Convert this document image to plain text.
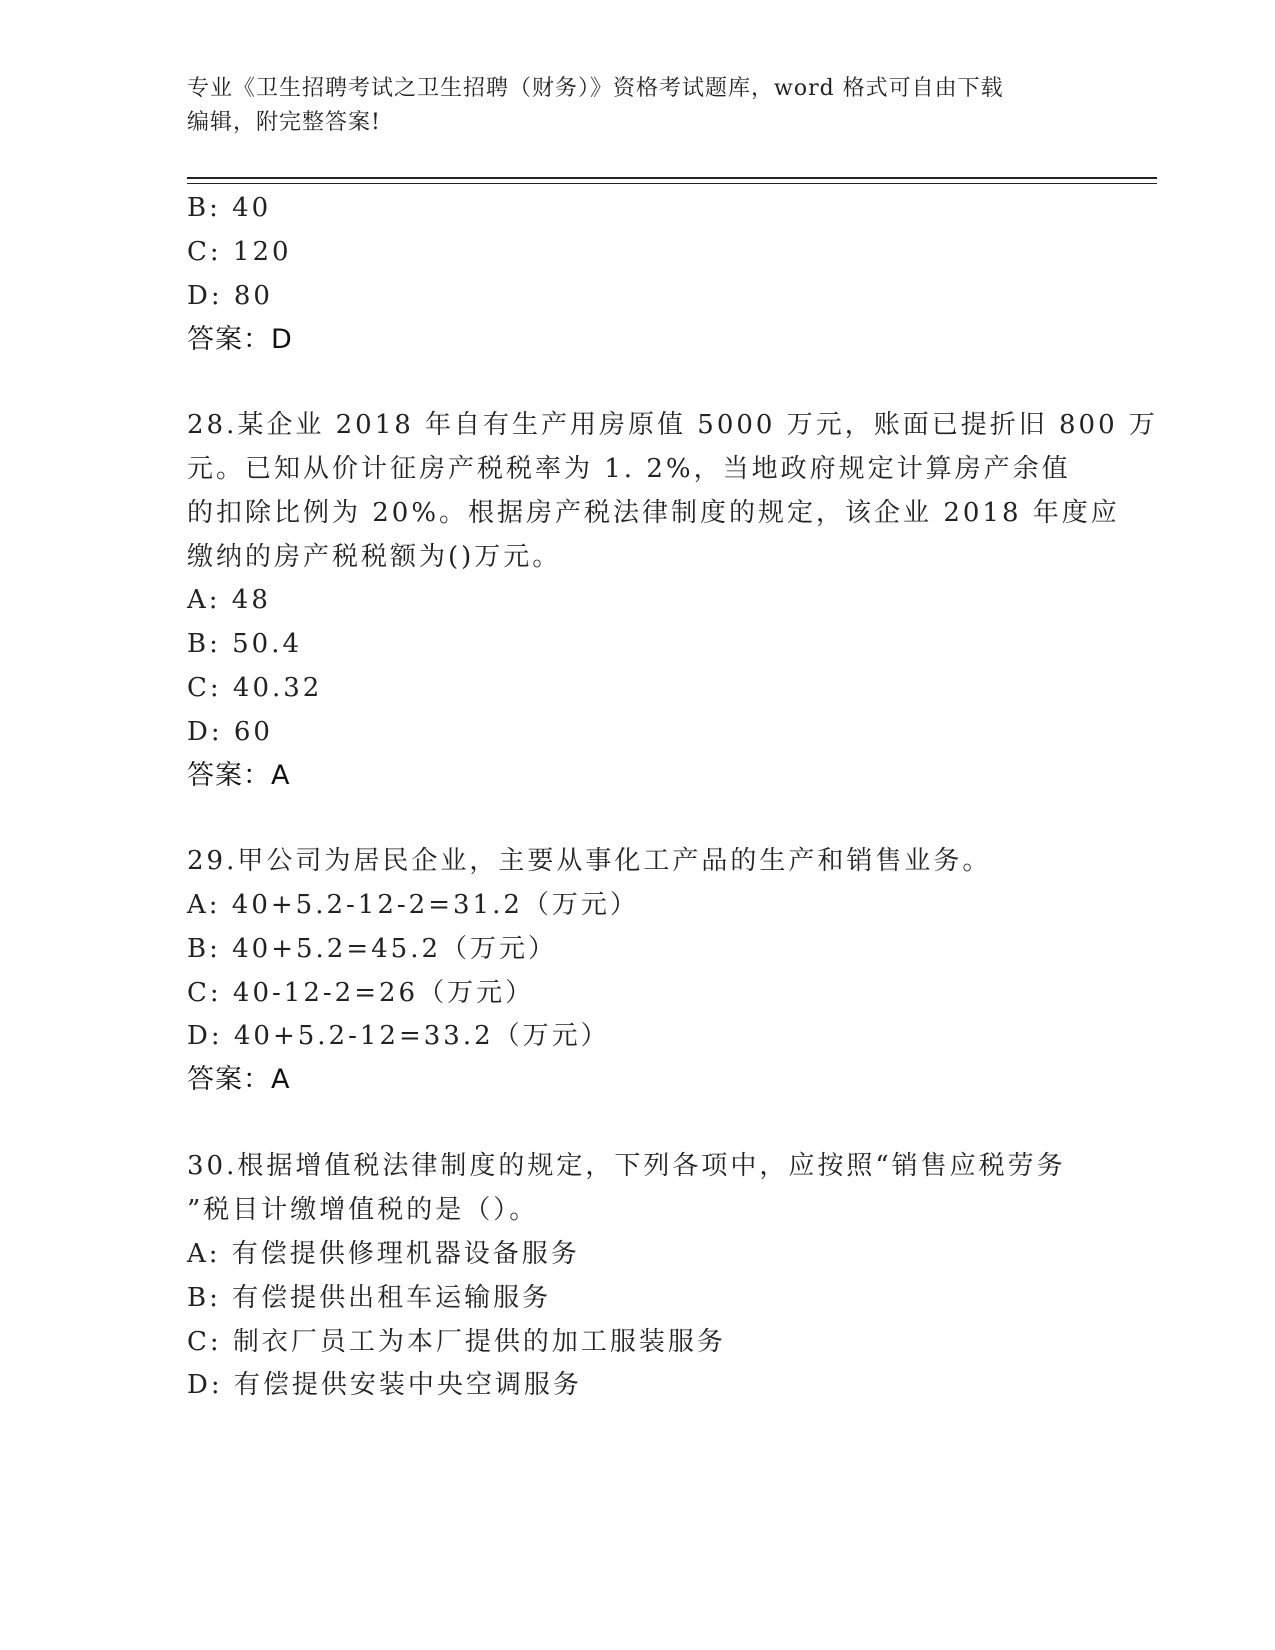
专业《卫生招聘考试之卫生招聘（财务）》资格考试题库，word 格式可自由下载
编辑，附完整答案!
B: 40
C: 120
D: 80
答案：D
28.某企业 2018 年自有生产用房原值 5000 万元，账面已提折旧 800 万
元。已知从价计征房产税税率为 1. 2%，当地政府规定计算房产余值
的扣除比例为 20%。根据房产税法律制度的规定，该企业 2018 年度应
缴纳的房产税税额为()万元。
A: 48
B: 50.4
C: 40.32
D: 60
答案：A
29.甲公司为居民企业，主要从事化工产品的生产和销售业务。
A: 40+5.2-12-2=31.2（万元）
B: 40+5.2=45.2（万元）
C: 40-12-2=26（万元）
D: 40+5.2-12=33.2（万元）
答案：A
30.根据增值税法律制度的规定，下列各项中，应按照“销售应税劳务
”税目计缴增值税的是（）。
A: 有偿提供修理机器设备服务
B: 有偿提供出租车运输服务
C: 制衣厂员工为本厂提供的加工服装服务
D: 有偿提供安装中央空调服务
